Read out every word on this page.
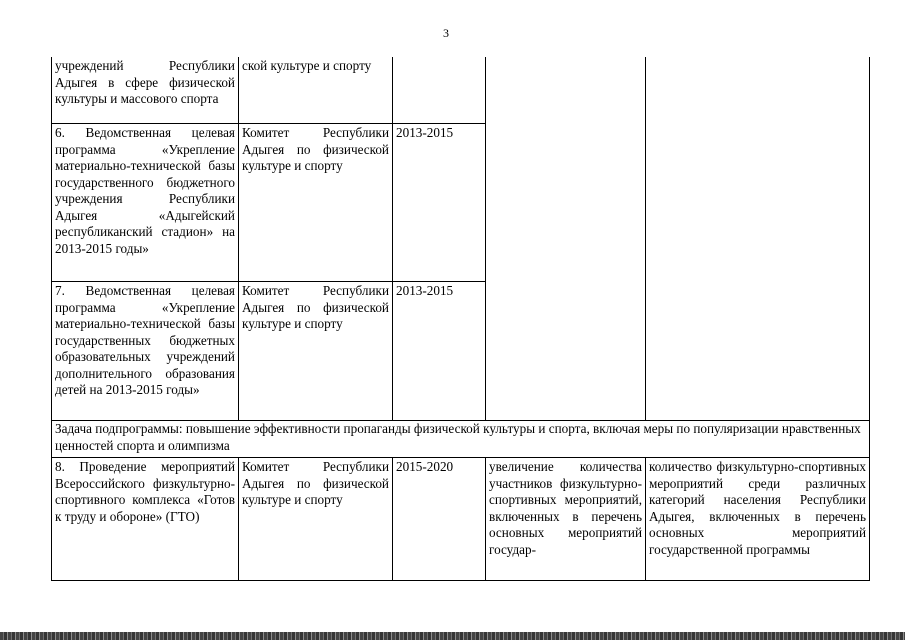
3
учреждений Республики Адыгея в сфере физической культуры и массового спорта
ской культуре и спорту
6. Ведомственная целевая программа «Укрепление материально-технической базы государственного бюджетного учреждения Республики Адыгея «Адыгейский республиканский стадион» на 2013-2015 годы»
Комитет Республики Адыгея по физической культуре и спорту
2013-2015
7. Ведомственная целевая программа «Укрепление материально-технической базы государственных бюджетных образовательных учреждений дополнительного образования детей на 2013-2015 годы»
Комитет Республики Адыгея по физической культуре и спорту
2013-2015
Задача подпрограммы: повышение эффективности пропаганды физической культуры и спорта, включая меры по популяризации нравственных ценностей спорта и олимпизма
8. Проведение мероприятий Всероссийского физкультурно-спортивного комплекса «Готов к труду и обороне» (ГТО)
Комитет Республики Адыгея по физической культуре и спорту
2015-2020	увеличение количества участников физкультурно-спортивных мероприятий, включенных в перечень основных мероприятий государ-
количество физкультурно-спортивных мероприятий среди различных категорий населения Республики Адыгея, включенных в перечень основных мероприятий государственной программы
